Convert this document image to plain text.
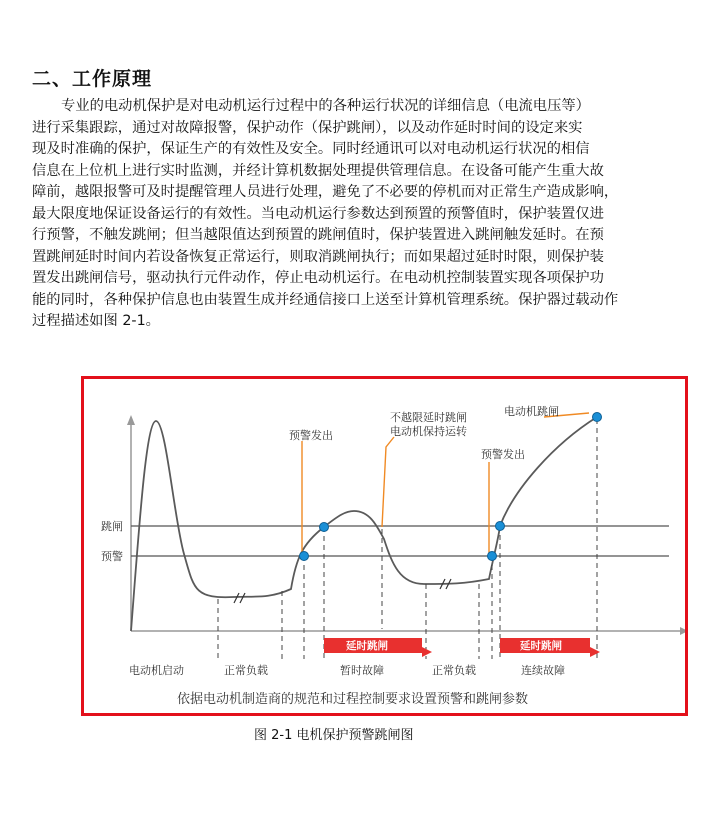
二、工作原理
专业的电动机保护是对电动机运行过程中的各种运行状况的详细信息（电流电压等）
进行采集跟踪，通过对故障报警，保护动作（保护跳闸），以及动作延时时间的设定来实
现及时准确的保护，保证生产的有效性及安全。同时经通讯可以对电动机运行状况的相信
信息在上位机上进行实时监测，并经计算机数据处理提供管理信息。在设备可能产生重大故
障前，越限报警可及时提醒管理人员进行处理，避免了不必要的停机而对正常生产造成影响，
最大限度地保证设备运行的有效性。当电动机运行参数达到预置的预警值时，保护装置仅进
行预警，不触发跳闸；但当越限值达到预置的跳闸值时，保护装置进入跳闸触发延时。在预
置跳闸延时时间内若设备恢复正常运行，则取消跳闸执行；而如果超过延时时限，则保护装
置发出跳闸信号，驱动执行元件动作，停止电动机运行。在电动机控制装置实现各项保护功
能的同时，各种保护信息也由装置生成并经通信接口上送至计算机管理系统。保护器过载动作
过程描述如图 2-1。
跳闸
预警
预警发出
不越限延时跳闸
电动机保持运转
预警发出
电动机跳闸
延时跳闸	延时跳闸
电动机启动	正常负载	暂时故障	正常负载	连续故障
依据电动机制造商的规范和过程控制要求设置预警和跳闸参数
图 2-1 电机保护预警跳闸图
